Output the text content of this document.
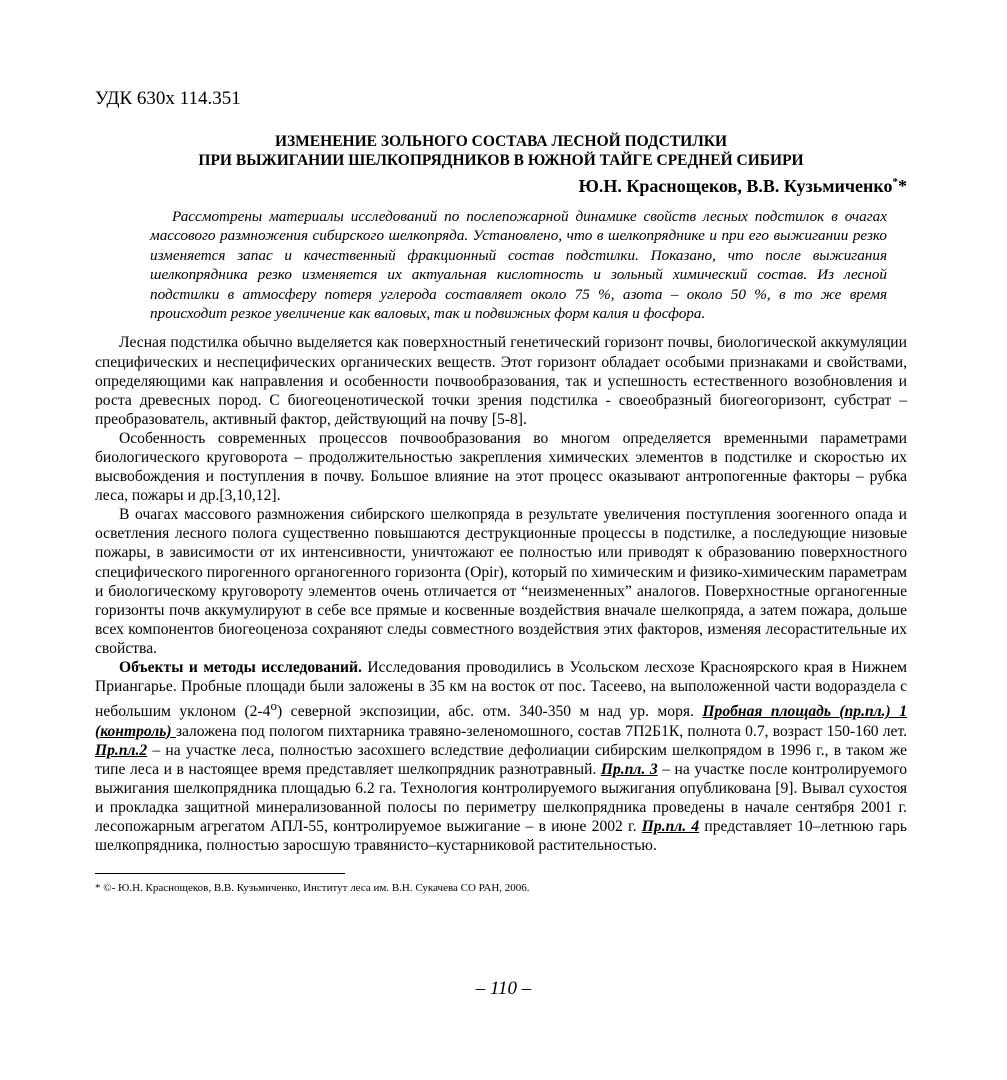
УДК 630х 114.351

ИЗМЕНЕНИЕ ЗОЛЬНОГО СОСТАВА ЛЕСНОЙ ПОДСТИЛКИ
ПРИ ВЫЖИГАНИИ ШЕЛКОПРЯДНИКОВ В ЮЖНОЙ ТАЙГЕ СРЕДНЕЙ СИБИРИ

Ю.Н. Краснощеков, В.В. Кузьмиченко**

Рассмотрены материалы исследований по послепожарной динамике свойств лесных подстилок в очагах массового размножения сибирского шелкопряда. Установлено, что в шелкопряднике и при его выжигании резко изменяется запас и качественный фракционный состав подстилки. Показано, что после выжигания шелкопрядника резко изменяется их актуальная кислотность и зольный химический состав. Из лесной подстилки в атмосферу потеря углерода составляет около 75 %, азота – около 50 %, в то же время происходит резкое увеличение как валовых, так и подвижных форм калия и фосфора.

Лесная подстилка обычно выделяется как поверхностный генетический горизонт почвы, биологической аккумуляции специфических и неспецифических органических веществ. Этот горизонт обладает особыми признаками и свойствами, определяющими как направления и особенности почвообразования, так и успешность естественного возобновления и роста древесных пород. С биогеоценотической точки зрения подстилка - своеобразный биогеогоризонт, субстрат – преобразователь, активный фактор, действующий на почву [5-8].

Особенность современных процессов почвообразования во многом определяется временными параметрами биологического круговорота – продолжительностью закрепления химических элементов в подстилке и скоростью их высвобождения и поступления в почву. Большое влияние на этот процесс оказывают антропогенные факторы – рубка леса, пожары и др.[3,10,12].

В очагах массового размножения сибирского шелкопряда в результате увеличения поступления зоогенного опада и осветления лесного полога существенно повышаются деструкционные процессы в подстилке, а последующие низовые пожары, в зависимости от их интенсивности, уничтожают ее полностью или приводят к образованию поверхностного специфического пирогенного органогенного горизонта (Opir), который по химическим и физико-химическим параметрам и биологическому круговороту элементов очень отличается от “неизмененных” аналогов. Поверхностные органогенные горизонты почв аккумулируют в себе все прямые и косвенные воздействия вначале шелкопряда, а затем пожара, дольше всех компонентов биогеоценоза сохраняют следы совместного воздействия этих факторов, изменяя лесорастительные их свойства.

Объекты и методы исследований. Исследования проводились в Усольском лесхозе Красноярского края в Нижнем Приангарье. Пробные площади были заложены в 35 км на восток от пос. Тасеево, на выположенной части водораздела с небольшим уклоном $(2-4^о)$ северной экспозиции, абс. отм. 340-350 м над ур. моря. Пробная площадь (пр.пл.) 1 (контроль) заложена под пологом пихтарника травяно-зеленомошного, состав 7П2Б1К, полнота 0.7, возраст 150-160 лет. Пр.пл.2 – на участке леса, полностью засохшего вследствие дефолиации сибирским шелкопрядом в 1996 г., в таком же типе леса и в настоящее время представляет шелкопрядник разнотравный. Пр.пл. 3 – на участке после контролируемого выжигания шелкопрядника площадью 6.2 га. Технология контролируемого выжигания опубликована [9]. Вывал сухостоя и прокладка защитной минерализованной полосы по периметру шелкопрядника проведены в начале сентября 2001 г. лесопожарным агрегатом АПЛ-55, контролируемое выжигание – в июне 2002 г. Пр.пл. 4 представляет 10–летнюю гарь шелкопрядника, полностью заросшую травянисто–кустарниковой растительностью.

* ©- Ю.Н. Краснощеков, В.В. Кузьмиченко, Институт леса им. В.Н. Сукачева СО РАН, 2006.
– 110 –
